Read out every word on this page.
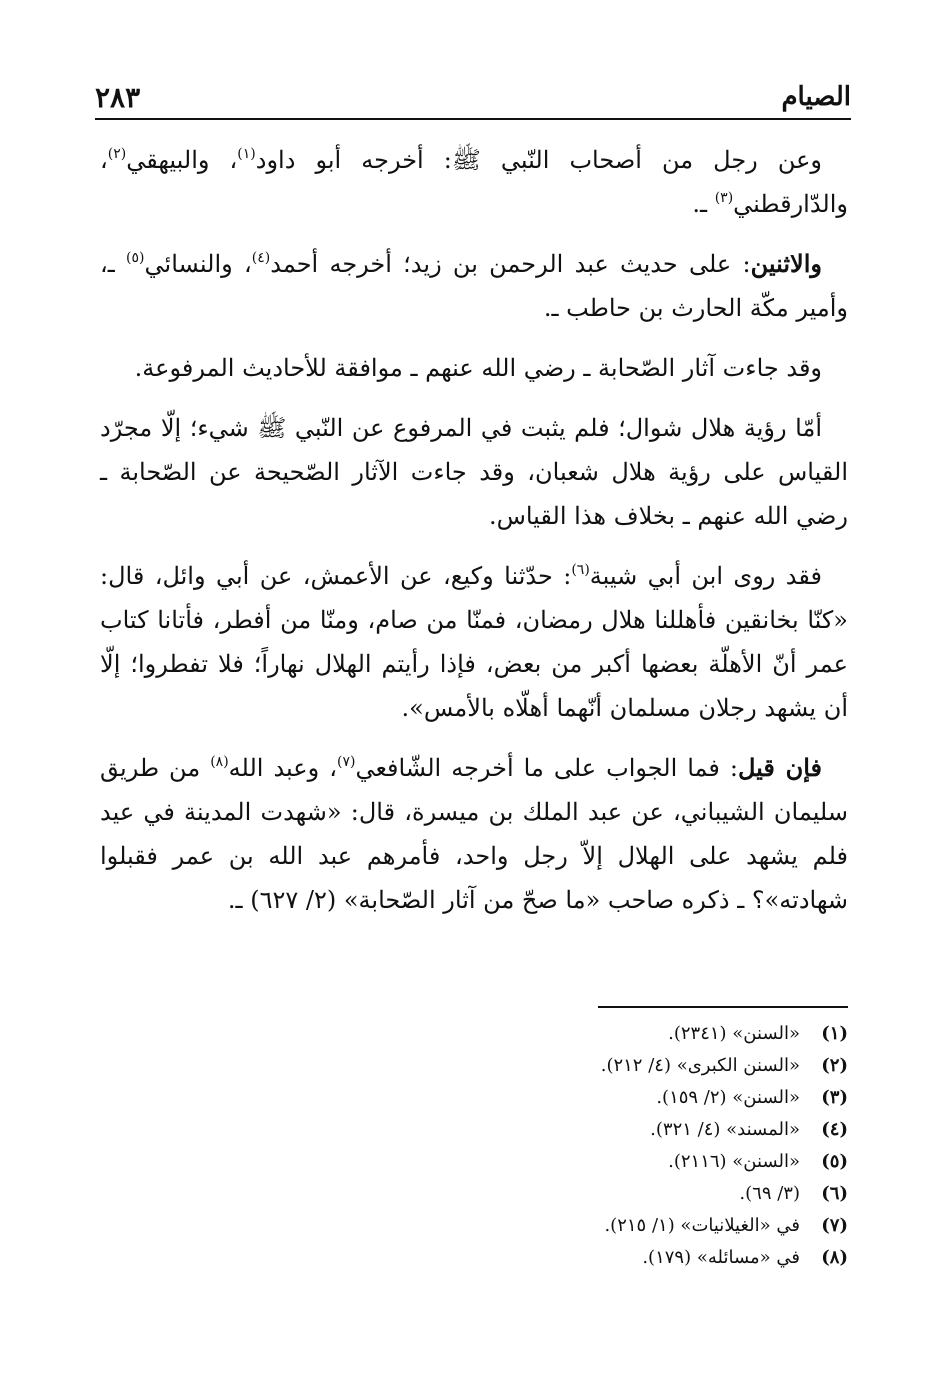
الصيام
٢٨٣

وعن رجل من أصحاب النّبي ﷺ: أخرجه أبو داود$^{(١)}$، والبيهقي$^{(٢)}$، والدّارقطني$^{(٣)}$ ـ.

والاثنين: على حديث عبد الرحمن بن زيد؛ أخرجه أحمد$^{(٤)}$، والنسائي$^{(٥)}$ ـ، وأمير مكّة الحارث بن حاطب ـ.

وقد جاءت آثار الصّحابة ـ رضي الله عنهم ـ موافقة للأحاديث المرفوعة.

أمّا رؤية هلال شوال؛ فلم يثبت في المرفوع عن النّبي ﷺ شيء؛ إلّا مجرّد القياس على رؤية هلال شعبان، وقد جاءت الآثار الصّحيحة عن الصّحابة ـ رضي الله عنهم ـ بخلاف هذا القياس.

فقد روى ابن أبي شيبة$^{(٦)}$: حدّثنا وكيع، عن الأعمش، عن أبي وائل، قال: «كنّا بخانقين فأهللنا هلال رمضان، فمنّا من صام، ومنّا من أفطر، فأتانا كتاب عمر أنّ الأهلّة بعضها أكبر من بعض، فإذا رأيتم الهلال نهاراً؛ فلا تفطروا؛ إلّا أن يشهد رجلان مسلمان أنّهما أهلّاه بالأمس».

فإن قيل: فما الجواب على ما أخرجه الشّافعي$^{(٧)}$، وعبد الله$^{(٨)}$ من طريق سليمان الشيباني، عن عبد الملك بن ميسرة، قال: «شهدت المدينة في عيد فلم يشهد على الهلال إلاّ رجل واحد، فأمرهم عبد الله بن عمر فقبلوا شهادته»؟ ـ ذكره صاحب «ما صحّ من آثار الصّحابة» (٢/ ٦٢٧) ـ.

(١)
«السنن» (٢٣٤١).
(٢)
«السنن الكبرى» (٤/ ٢١٢).
(٣)
«السنن» (٢/ ١٥٩).
(٤)
«المسند» (٤/ ٣٢١).
(٥)
«السنن» (٢١١٦).
(٦)
(٣/ ٦٩).
(٧)
في «الغيلانيات» (١/ ٢١٥).
(٨)
في «مسائله» (١٧٩).
